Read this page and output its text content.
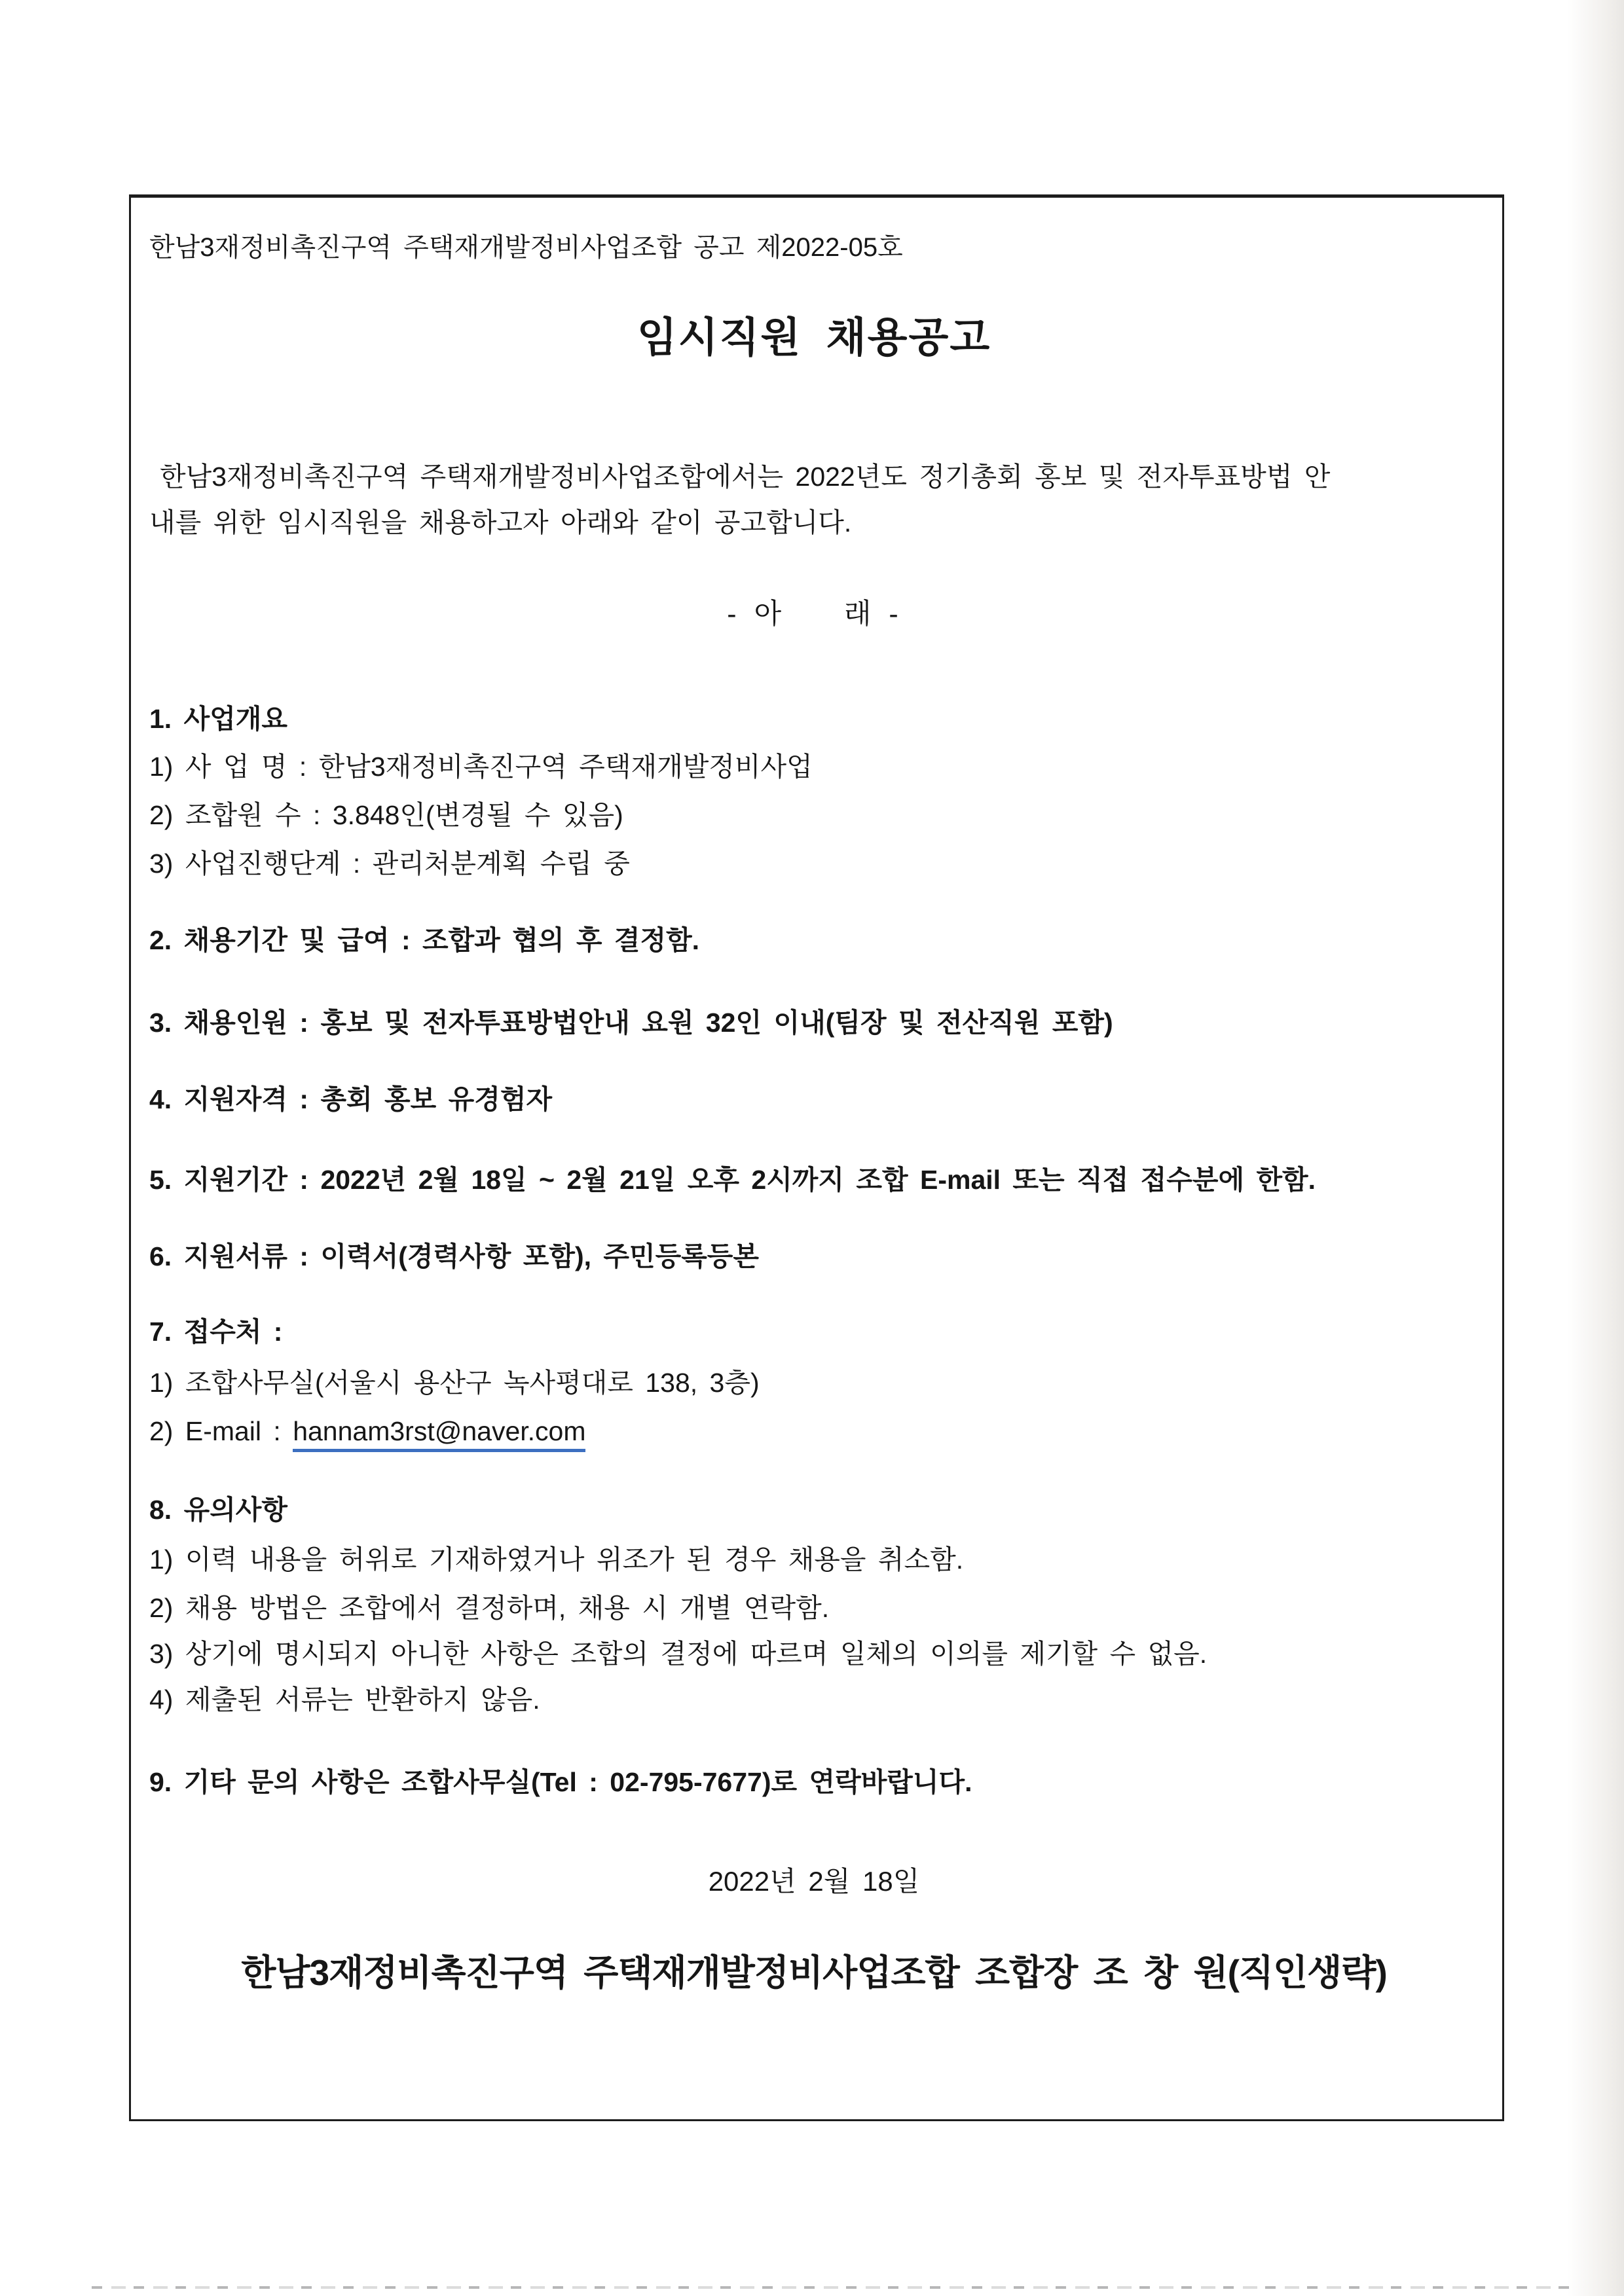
한남3재정비촉진구역 주택재개발정비사업조합 공고 제2022-05호
임시직원 채용공고
한남3재정비촉진구역 주택재개발정비사업조합에서는 2022년도 정기총회 홍보 및 전자투표방법 안
내를 위한 임시직원을 채용하고자 아래와 같이 공고합니다.
- 아    래 -
1. 사업개요
1) 사 업 명 : 한남3재정비촉진구역 주택재개발정비사업
2) 조합원 수 : 3.848인(변경될 수 있음)
3) 사업진행단계 : 관리처분계획 수립 중
2. 채용기간 및 급여 : 조합과 협의 후 결정함.
3. 채용인원 : 홍보 및 전자투표방법안내 요원 32인 이내(팀장 및 전산직원 포함)
4. 지원자격 : 총회 홍보 유경험자
5. 지원기간 : 2022년 2월 18일 ~ 2월 21일 오후 2시까지 조합 E-mail 또는 직접 접수분에 한함.
6. 지원서류 : 이력서(경력사항 포함), 주민등록등본
7. 접수처 :
1) 조합사무실(서울시 용산구 녹사평대로 138, 3층)
2) E-mail : hannam3rst@naver.com
8. 유의사항
1) 이력 내용을 허위로 기재하였거나 위조가 된 경우 채용을 취소함.
2) 채용 방법은 조합에서 결정하며, 채용 시 개별 연락함.
3) 상기에 명시되지 아니한 사항은 조합의 결정에 따르며 일체의 이의를 제기할 수 없음.
4) 제출된 서류는 반환하지 않음.
9. 기타 문의 사항은 조합사무실(Tel : 02-795-7677)로 연락바랍니다.
2022년 2월 18일
한남3재정비촉진구역 주택재개발정비사업조합 조합장 조 창 원(직인생략)
